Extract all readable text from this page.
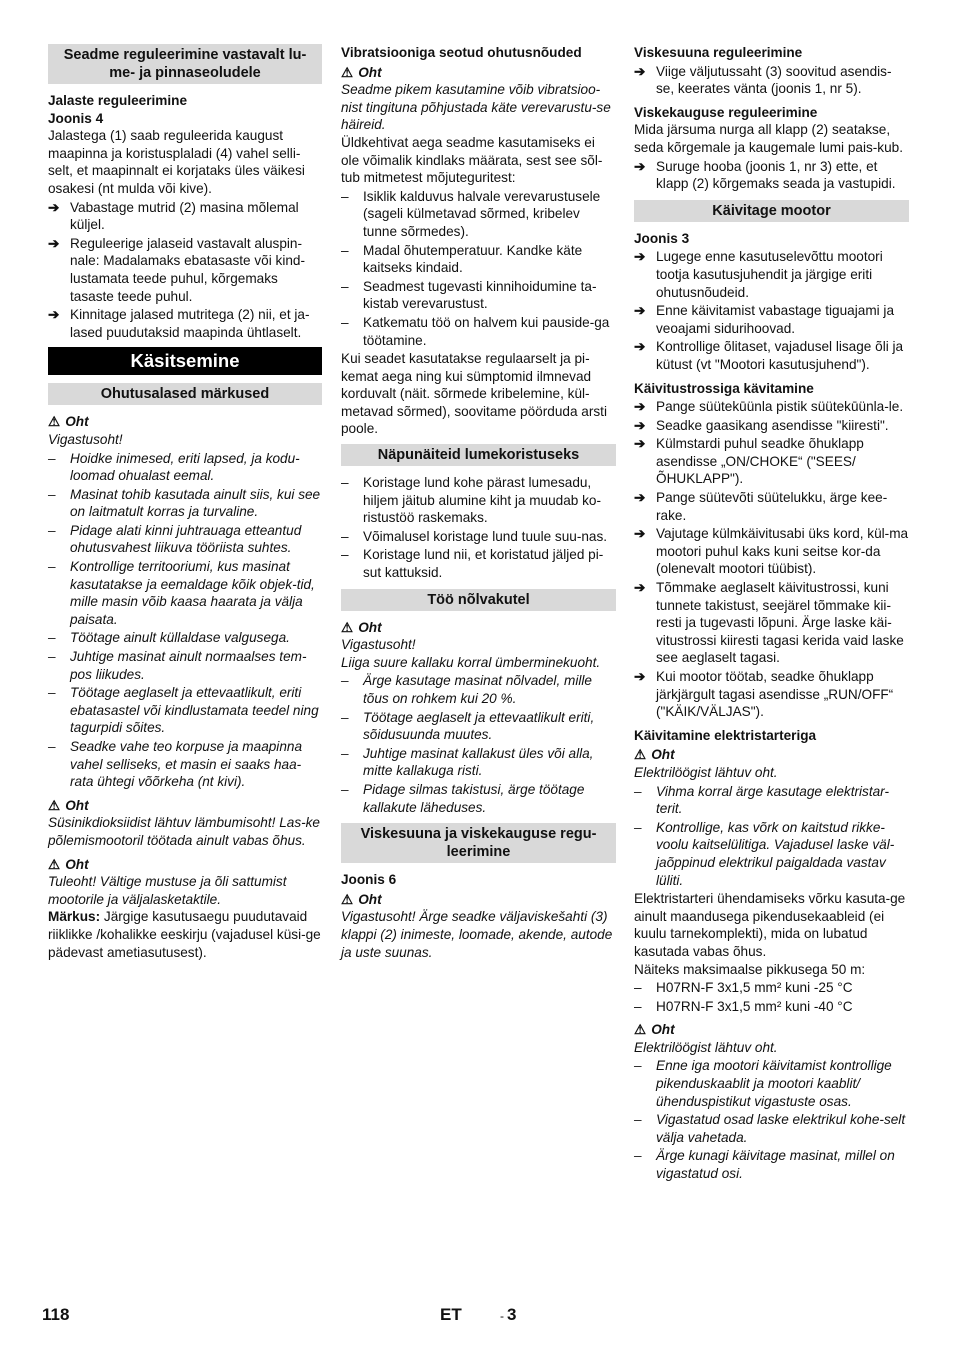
Seadme reguleerimine vastavalt lu-me- ja pinnaseoludele
Jalaste reguleerimine
Joonis 4

Jalastega (1) saab reguleerida kaugust maapinna ja koristusplaladi (4) vahel selli-selt, et maapinnalt ei korjataks üles väikesi osakesi (nt mulda või kive).

➔ Vabastage mutrid (2) masina mõlemal küljel.
➔ Reguleerige jalaseid vastavalt aluspin-nale: Madalamaks ebatasaste või kind-lustamata teede puhul, kõrgemaks tasaste teede puhul.
➔ Kinnitage jalased mutritega (2) nii, et ja-lased puudutaksid maapinda ühtlaselt.
Käsitsemine
Ohutusalased märkused
⚠ Oht

Vigastusoht!

–	Hoidke inimesed, eriti lapsed, ja kodu-loomad ohualast eemal.
–	Masinat tohib kasutada ainult siis, kui see on laitmatult korras ja turvaline.
–	Pidage alati kinni juhtrauaga etteantud ohutusvahest liikuva tööriista suhtes.
–	Kontrollige territooriumi, kus masinat kasutatakse ja eemaldage kõik objek-tid, mille masin võib kaasa haarata ja välja paisata.
–	Töötage ainult küllaldase valgusega.
–	Juhtige masinat ainult normaalses tem-pos liikudes.
–	Töötage aeglaselt ja ettevaatlikult, eriti ebatasastel või kindlustamata teedel ning tagurpidi sõites.
–	Seadke vahe teo korpuse ja maapinna vahel selliseks, et masin ei saaks haa-rata ühtegi võõrkeha (nt kivi).
⚠ Oht

Süsinikdioksiidist lähtuv lämbumisoht! Las-ke põlemismootoril töötada ainult vabas õhus.

⚠ Oht

Tuleoht! Vältige mustuse ja õli sattumist mootorile ja väljalasketaktile.

Märkus: Järgige kasutusaegu puudutavaid riiklikke /kohalikke eeskirju (vajadusel küsi-ge pädevast ametiasutusest).

Vibratsiooniga seotud ohutusnõuded
⚠ Oht

Seadme pikem kasutamine võib vibratsioo-nist tingituna põhjustada käte verevarustu-se häireid.

Üldkehtivat aega seadme kasutamiseks ei ole võimalik kindlaks määrata, sest see sõl-tub mitmetest mõjuteguritest:

–	Isiklik kalduvus halvale verevarustusele (sageli külmetavad sõrmed, kribelev tunne sõrmedes).
–	Madal õhutemperatuur. Kandke käte kaitseks kindaid.
–	Seadmest tugevasti kinnihoidumine ta-kistab verevarustust.
–	Katkematu töö on halvem kui pauside-ga töötamine.

Kui seadet kasutatakse regulaarselt ja pi-kemat aega ning kui sümptomid ilmnevad korduvalt (näit. sõrmede kribelemine, kül-metavad sõrmed), soovitame pöörduda arsti poole.

Näpunäiteid lumekoristuseks
–	Koristage lund kohe pärast lumesadu, hiljem jäitub alumine kiht ja muudab ko-ristustöö raskemaks.
–	Võimalusel koristage lund tuule suu-nas.
–	Koristage lund nii, et koristatud jäljed pi-sut kattuksid.
Töö nõlvakutel
⚠ Oht

Vigastusoht!

Liiga suure kallaku korral ümberminekuoht.

–	Ärge kasutage masinat nõlvadel, mille tõus on rohkem kui 20 %.
–	Töötage aeglaselt ja ettevaatlikult eriti, sõidusuunda muutes.
–	Juhtige masinat kallakust üles või alla, mitte kallakuga risti.
–	Pidage silmas takistusi, ärge töötage kallakute läheduses.
Viskesuuna ja viskekauguse regu-leerimine
Joonis 6
⚠ Oht

Vigastusoht! Ärge seadke väljaviskešahti (3) klappi (2) inimeste, loomade, akende, autode ja uste suunas.

Viskesuuna reguleerimine
➔ Viige väljutussaht (3) soovitud asendis-se, keerates vänta (joonis 1, nr 5).
Viskekauguse reguleerimine

Mida järsuma nurga all klapp (2) seatakse, seda kõrgemale ja kaugemale lumi pais-kub.

➔ Suruge hooba (joonis 1, nr 3) ette, et klapp (2) kõrgemaks seada ja vastupidi.
Käivitage mootor
Joonis 3
➔ Lugege enne kasutuselevõttu mootori tootja kasutusjuhendit ja järgige eriti ohutusnõudeid.
➔ Enne käivitamist vabastage tiguajami ja veoajami sidurihoovad.
➔ Kontrollige õlitaset, vajadusel lisage õli ja kütust (vt "Mootori kasutusjuhend").
Käivitustrossiga kävitamine
➔ Pange süütekūünla pistik süütekūünla-le.
➔ Seadke gaasikang asendisse "kiiresti".
➔ Külmstardi puhul seadke õhuklapp asendisse „ON/CHOKE“ ("SEES/ ÕHUKLAPP").
➔ Pange süütevõti süütelukku, ärge kee-rake.
➔ Vajutage külmkäivitusabi üks kord, kül-ma mootori puhul kaks kuni seitse kor-da (olenevalt mootori tüübist).
➔ Tõmmake aeglaselt käivitustrossi, kuni tunnete takistust, seejärel tõmmake kii-resti ja tugevasti lõpuni. Ärge laske käi-vitustrossi kiiresti tagasi kerida vaid laske see aeglaselt tagasi.
➔ Kui mootor töötab, seadke õhuklapp järkjärgult tagasi asendisse „RUN/OFF“ ("KÄIK/VÄLJAS").
Käivitamine elektristarteriga
⚠ Oht

Elektrilöögist lähtuv oht.

–	Vihma korral ärge kasutage elektristar-terit.
–	Kontrollige, kas võrk on kaitstud rikke-voolu kaitselülitiga. Vajadusel laske väl-jaõppinud elektrikul paigaldada vastav lüliti.

Elektristarteri ühendamiseks võrku kasuta-ge ainult maandusega pikendusekaableid (ei kuulu tarnekomplekti), mida on lubatud kasutada vabas õhus.

Näiteks maksimaalse pikkusega 50 m:

–	H07RN-F 3x1,5 mm² kuni -25 °C
–	H07RN-F 3x1,5 mm² kuni -40 °C
⚠ Oht

Elektrilöögist lähtuv oht.

–	Enne iga mootori käivitamist kontrollige pikenduskaablit ja mootori kaablit/ ühenduspistikut vigastuste osas.
–	Vigastatud osad laske elektrikul kohe-selt välja vahetada.
–	Ärge kunagi käivitage masinat, millel on vigastatud osi.
118	ET	- 3
